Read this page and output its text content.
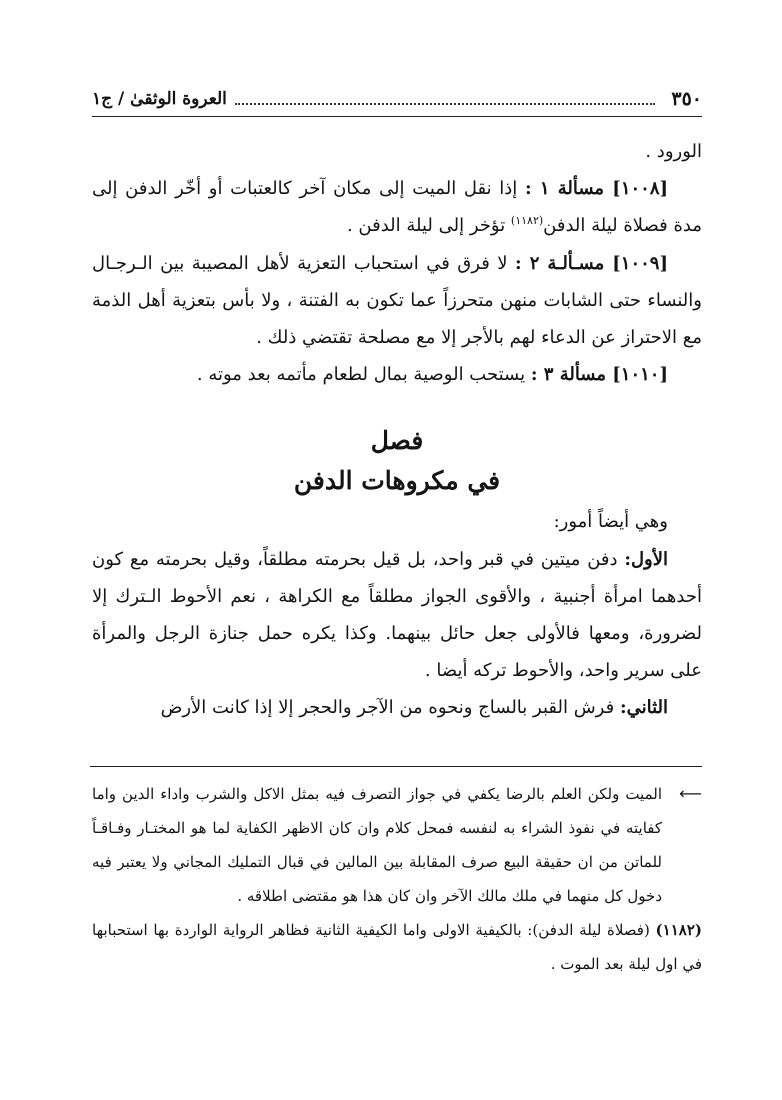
٣٥٠
العروة الوثقىٰ / ج١

الورود .

[١٠٠٨] مسألة ١ : إذا نقل الميت إلى مكان آخر كالعتبات أو أخّر الدفن إلى مدة فصلاة ليلة الدفن$^{(١١٨٢)}$ تؤخر إلى ليلة الدفن .

[١٠٠٩] مسـألـة ٢ : لا فرق في استحباب التعزية لأهل المصيبة بين الـرجـال والنساء حتى الشابات منهن متحرزاً عما تكون به الفتنة ، ولا بأس بتعزية أهل الذمة مع الاحتراز عن الدعاء لهم بالأجر إلا مع مصلحة تقتضي ذلك .

[١٠١٠] مسألة ٣ : يستحب الوصية بمال لطعام مأتمه بعد موته .

فصل
في مكروهات الدفن

وهي أيضاً أمور:

الأول: دفن ميتين في قبر واحد، بل قيل بحرمته مطلقاً، وقيل بحرمته مع كون أحدهما امرأة أجنبية ، والأقوى الجواز مطلقاً مع الكراهة ، نعم الأحوط الـترك إلا لضرورة، ومعها فالأولى جعل حائل بينهما. وكذا يكره حمل جنازة الرجل والمرأة على سرير واحد، والأحوط تركه أيضا .

الثاني: فرش القبر بالساج ونحوه من الآجر والحجر إلا إذا كانت الأرض

⟵
الميت ولكن العلم بالرضا يكفي في جواز التصرف فيه بمثل الاكل والشرب واداء الدين واما كفايته في نفوذ الشراء به لنفسه فمحل كلام وان كان الاظهر الكفاية لما هو المختـار وفـاقـاً للماتن من ان حقيقة البيع صرف المقابلة بين المالين في قبال التمليك المجاني ولا يعتبر فيه دخول كل منهما في ملك مالك الآخر وان كان هذا هو مقتضى اطلاقه .

(١١٨٢) (فصلاة ليلة الدفن): بالكيفية الاولى واما الكيفية الثانية فظاهر الرواية الواردة بها استحبابها في اول ليلة بعد الموت .
